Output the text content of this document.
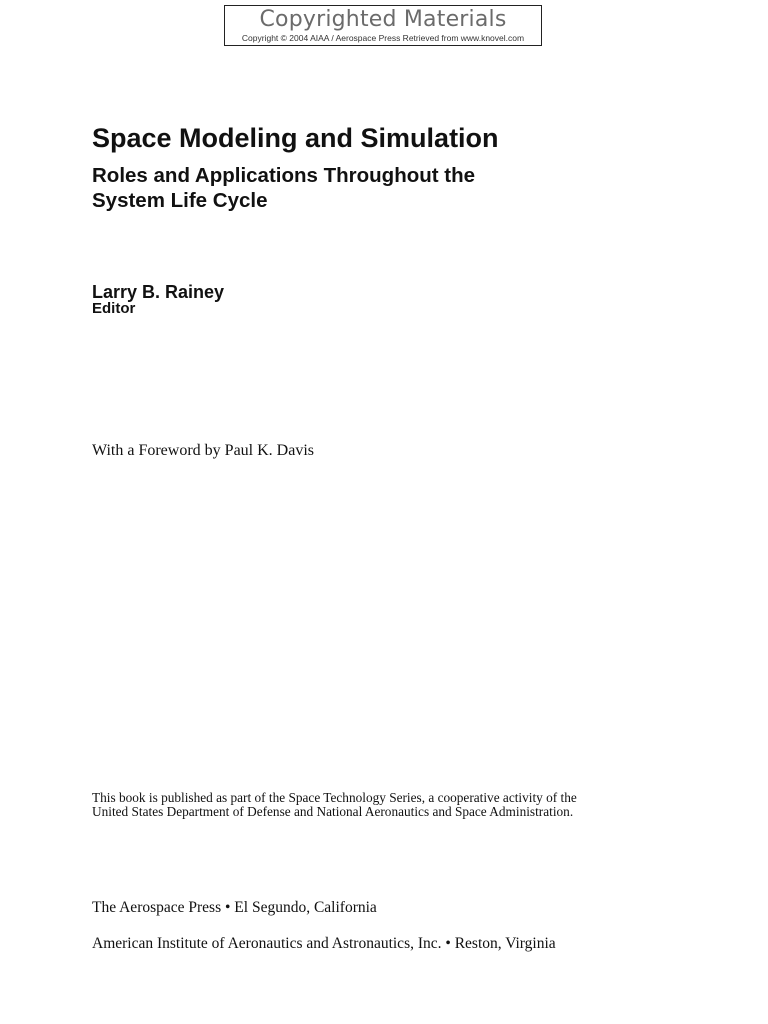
Copyrighted Materials
Copyright © 2004 AIAA / Aerospace Press Retrieved from www.knovel.com
Space Modeling and Simulation
Roles and Applications Throughout the
System Life Cycle
Larry B. Rainey
Editor
With a Foreword by Paul K. Davis
This book is published as part of the Space Technology Series, a cooperative activity of the
United States Department of Defense and National Aeronautics and Space Administration.
The Aerospace Press • El Segundo, California
American Institute of Aeronautics and Astronautics, Inc. • Reston, Virginia
